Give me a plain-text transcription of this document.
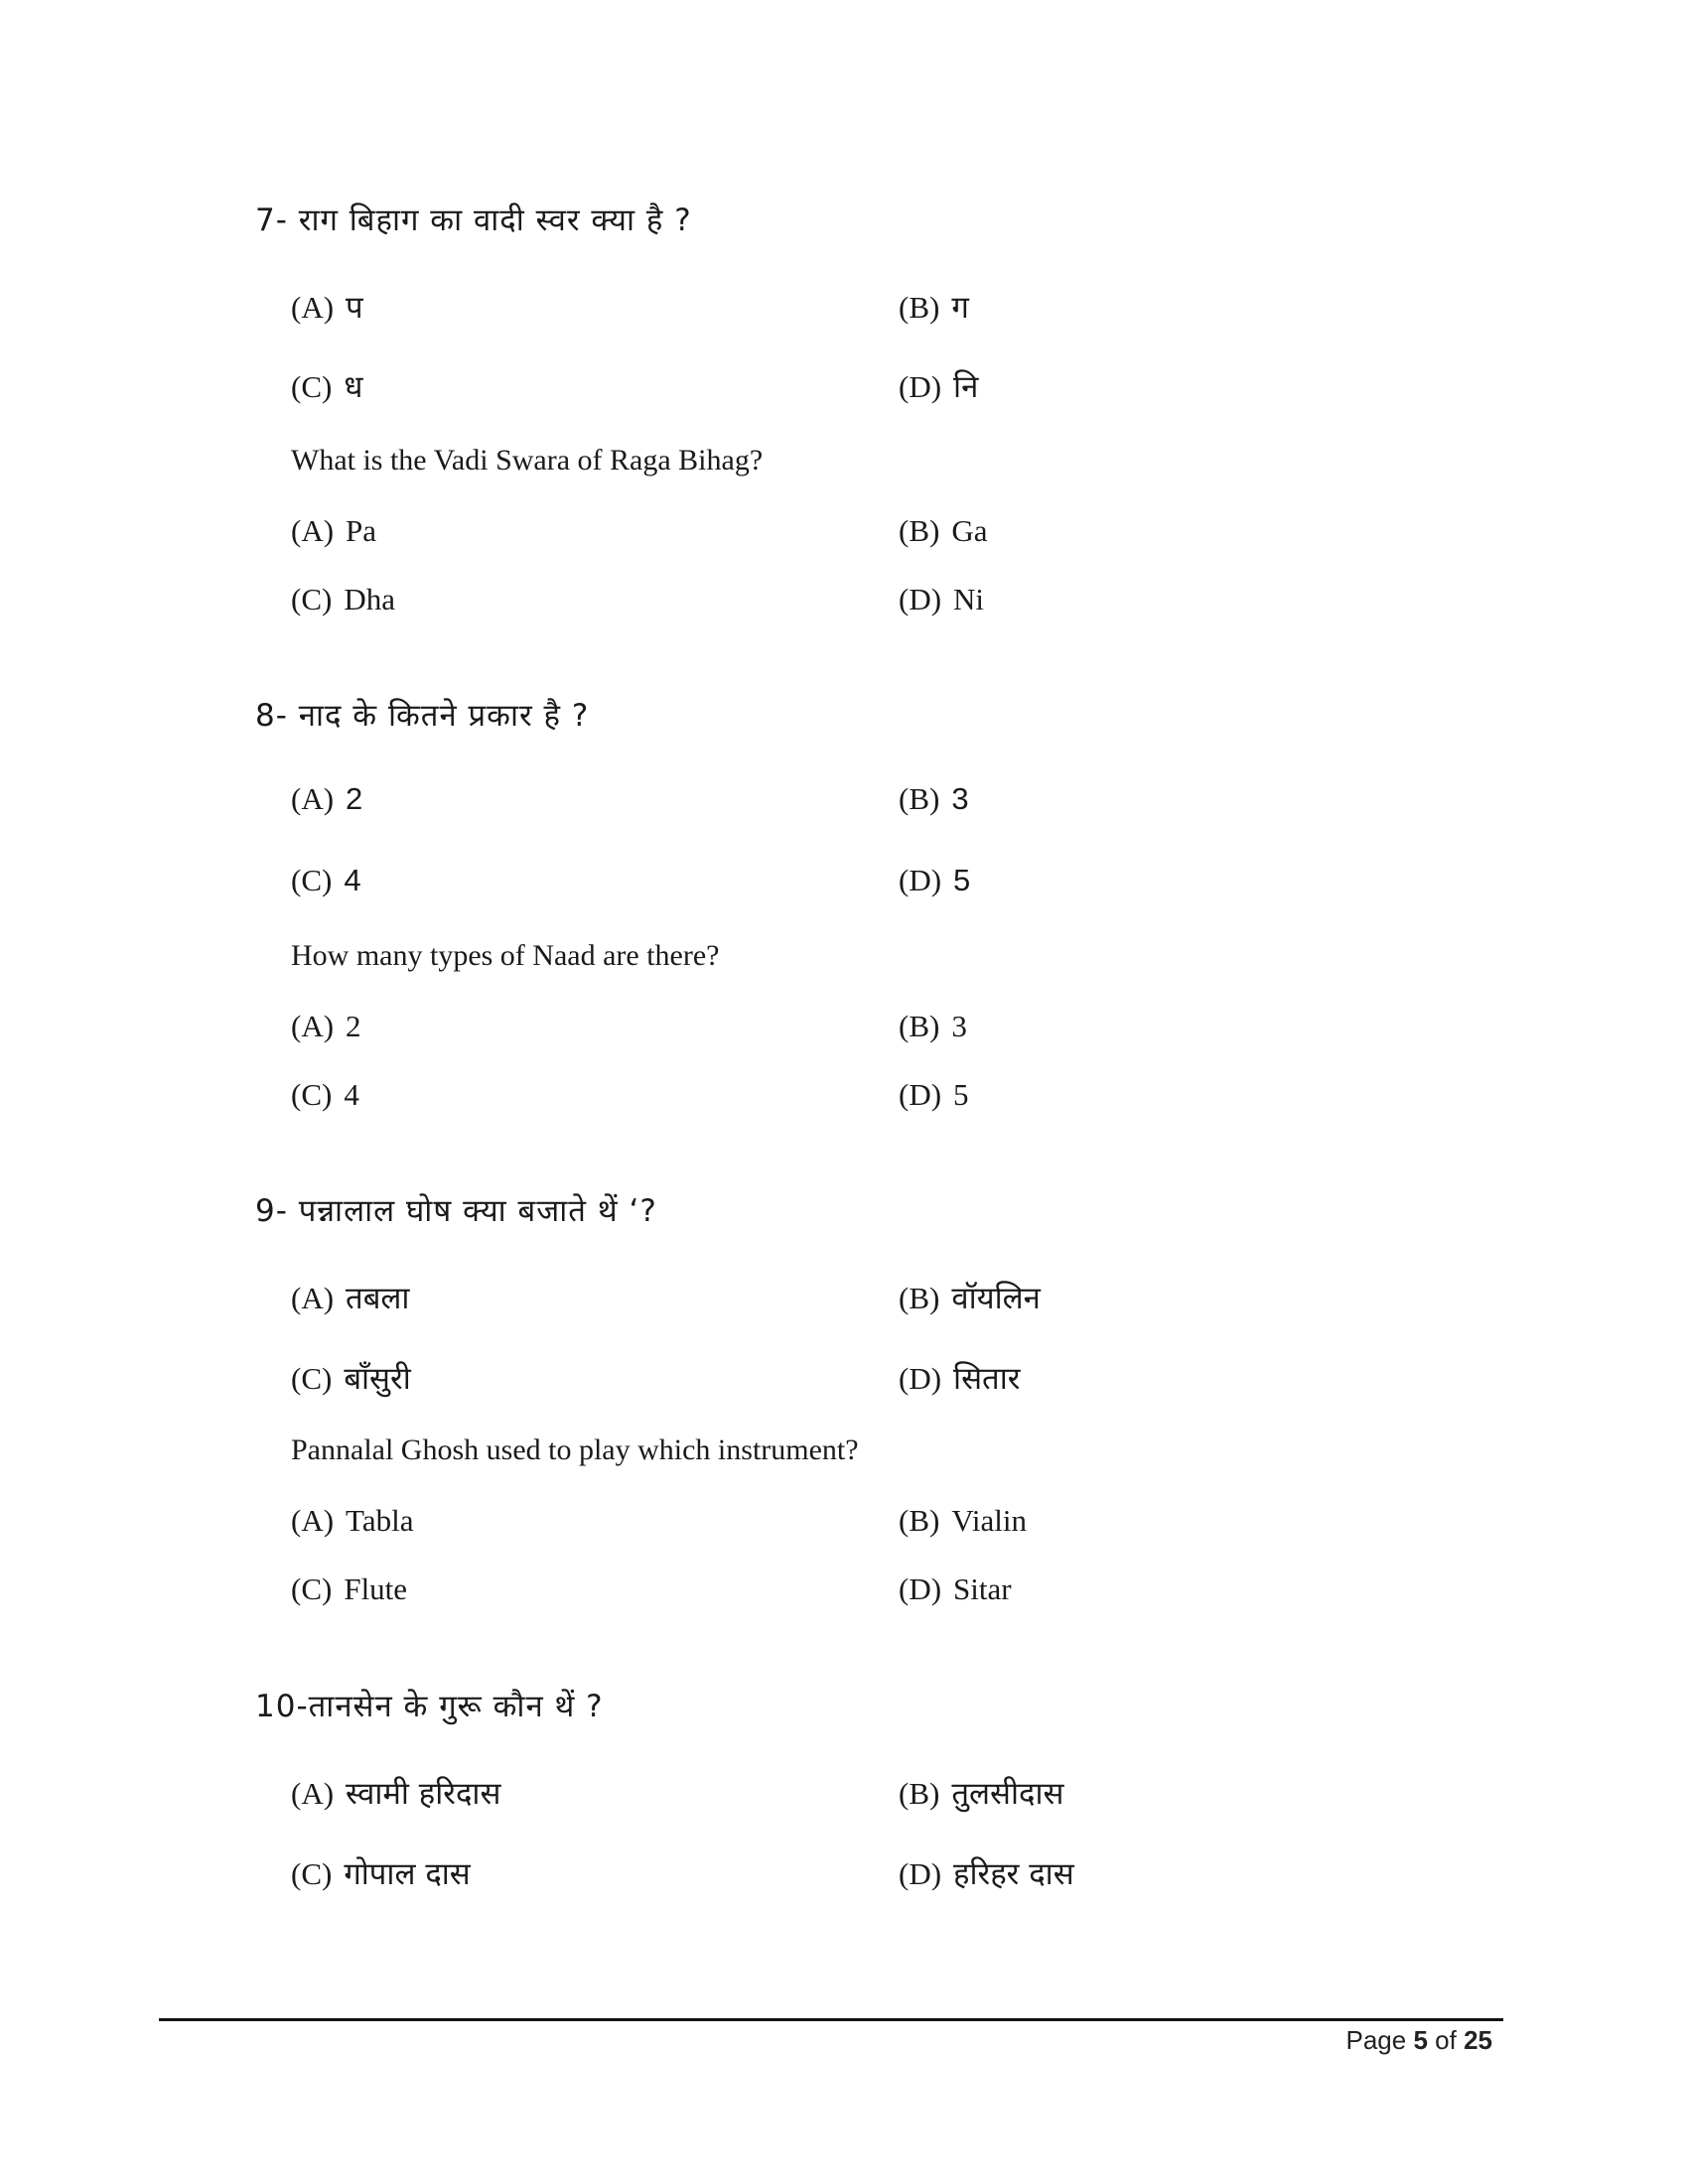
7- राग बिहाग का वादी स्वर क्या है ?
(A) प	(B) ग
(C) ध	(D) नि
What is the Vadi Swara of Raga Bihag?
(A) Pa	(B) Ga
(C) Dha	(D) Ni
8- नाद के कितने प्रकार है ?
(A) 2	(B) 3
(C) 4	(D) 5
How many types of Naad are there?
(A) 2	(B) 3
(C) 4	(D) 5
9- पन्नालाल घोष क्या बजाते थें ‘?
(A) तबला	(B) वॉयलिन
(C) बाँसुरी	(D) सितार
Pannalal Ghosh used to play which instrument?
(A) Tabla	(B) Vialin
(C) Flute	(D) Sitar
10-तानसेन के गुरू कौन थें ?
(A) स्वामी हरिदास	(B) तुलसीदास
(C) गोपाल दास	(D) हरिहर दास
Page 5 of 25
